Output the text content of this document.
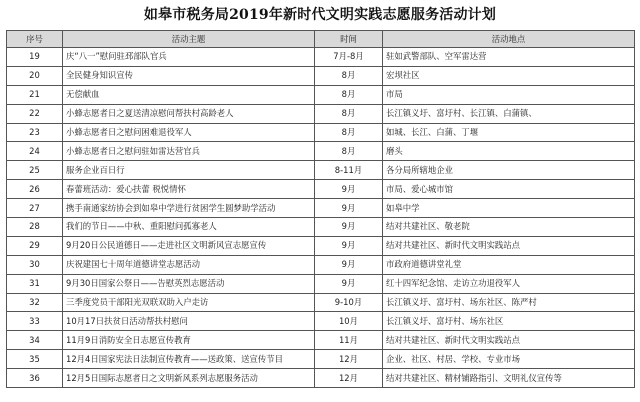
如皋市税务局2019年新时代文明实践志愿服务活动计划
序号	活动主题	时间	活动地点
19	庆“八一”慰问驻邳部队官兵	7月-8月	驻如武警部队、空军雷达营
20	全民健身知识宣传	8月	宏坝社区
21	无偿献血	8月	市局
22	小蜂志愿者日之夏送清凉慰问帮扶村高龄老人	8月	长江镇义圩、富圩村、长江镇、白蒲镇、
23	小蜂志愿者日之慰问困难退役军人	8月	如城、长江、白蒲、丁堰
24	小蜂志愿者日之慰问驻如雷达营官兵	8月	磨头
25	服务企业百日行	8-11月	各分局所辖地企业
26	春蕾班活动：爱心扶蕾 税悦情怀	9月	市局、爱心城市馆
27	携手南通家纺协会到如皋中学进行贫困学生圆梦助学活动	9月	如皋中学
28	我们的节日——中秋、重阳慰问孤寡老人	9月	结对共建社区、敬老院
29	9月20日公民道德日——走进社区文明新风宣志愿宣传	9月	结对共建社区、新时代文明实践站点
30	庆祝建国七十周年道德讲堂志愿活动	9月	市政府道德讲堂礼堂
31	9月30日国家公祭日——告慰英烈志愿活动	9月	红十四军纪念馆、走访立功退役军人
32	三季度党员干部阳光双联双助入户走访	9-10月	长江镇义圩、富圩村、场东社区、陈严村
33	10月17日扶贫日活动帮扶村慰问	10月	长江镇义圩、富圩村、场东社区
34	11月9日消防安全日志愿宣传教育	11月	结对共建社区、新时代文明实践站点
35	12月4日国家宪法日法制宣传教育——送政策、送宣传节目	12月	企业、社区、村居、学校、专业市场
36	12月5日国际志愿者日之文明新风系列志愿服务活动	12月	结对共建社区、精材铺路指引、文明礼仪宣传等
